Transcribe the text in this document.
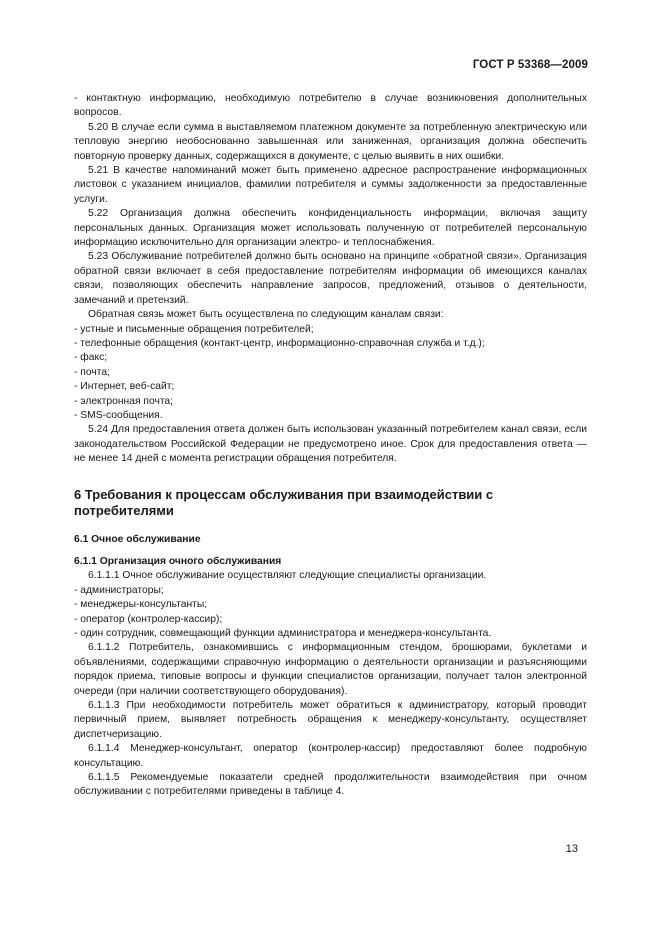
ГОСТ Р 53368—2009

- контактную информацию, необходимую потребителю в случае возникновения дополнительных вопросов.

5.20 В случае если сумма в выставляемом платежном документе за потребленную электрическую или тепловую энергию необоснованно завышенная или заниженная, организация должна обеспечить повторную проверку данных, содержащихся в документе, с целью выявить в них ошибки.

5.21 В качестве напоминаний может быть применено адресное распространение информационных листовок с указанием инициалов, фамилии потребителя и суммы задолженности за предоставленные услуги.

5.22 Организация должна обеспечить конфиденциальность информации, включая защиту персональных данных. Организация может использовать полученную от потребителей персональную информацию исключительно для организации электро- и теплоснабжения.

5.23 Обслуживание потребителей должно быть основано на принципе «обратной связи». Организация обратной связи включает в себя предоставление потребителям информации об имеющихся каналах связи, позволяющих обеспечить направление запросов, предложений, отзывов о деятельности, замечаний и претензий.

Обратная связь может быть осуществлена по следующим каналам связи:

- устные и письменные обращения потребителей;

- телефонные обращения (контакт-центр, информационно-справочная служба и т.д.);

- факс;

- почта;

- Интернет, веб-сайт;

- электронная почта;

- SMS-сообщения.

5.24 Для предоставления ответа должен быть использован указанный потребителем канал связи, если законодательством Российской Федерации не предусмотрено иное. Срок для предоставления ответа — не менее 14 дней с момента регистрации обращения потребителя.

6 Требования к процессам обслуживания при взаимодействии с потребителями
6.1 Очное обслуживание
6.1.1 Организация очного обслуживания

6.1.1.1 Очное обслуживание осуществляют следующие специалисты организации.

- администраторы;

- менеджеры-консультанты;

- оператор (контролер-кассир);

- один сотрудник, совмещающий функции администратора и менеджера-консультанта.

6.1.1.2 Потребитель, ознакомившись с информационным стендом, брошюрами, буклетами и объявлениями, содержащими справочную информацию о деятельности организации и разъясняющими порядок приема, типовые вопросы и функции специалистов организации, получает талон электронной очереди (при наличии соответствующего оборудования).

6.1.1.3 При необходимости потребитель может обратиться к администратору, который проводит первичный прием, выявляет потребность обращения к менеджеру-консультанту, осуществляет диспетчеризацию.

6.1.1.4 Менеджер-консультант, оператор (контролер-кассир) предоставляют более подробную консультацию.

6.1.1.5 Рекомендуемые показатели средней продолжительности взаимодействия при очном обслуживании с потребителями приведены в таблице 4.

13
